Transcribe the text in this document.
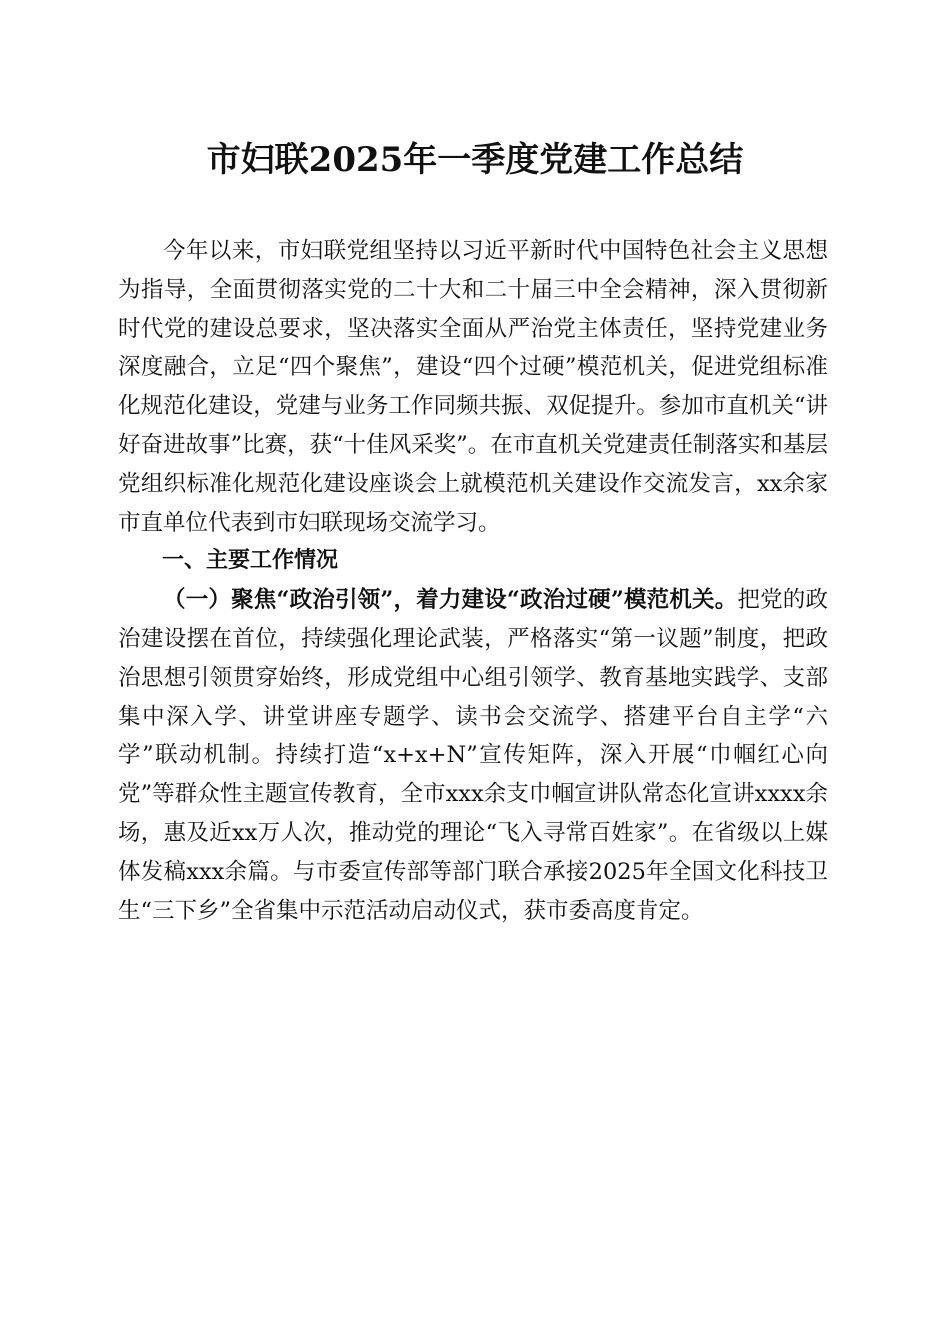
市妇联2025年一季度党建工作总结

今年以来，市妇联党组坚持以习近平新时代中国特色社会主义思想为指导，全面贯彻落实党的二十大和二十届三中全会精神，深入贯彻新时代党的建设总要求，坚决落实全面从严治党主体责任，坚持党建业务深度融合，立足“四个聚焦”，建设“四个过硬”模范机关，促进党组标准化规范化建设，党建与业务工作同频共振、双促提升。参加市直机关“讲好奋进故事”比赛，获“十佳风采奖”。在市直机关党建责任制落实和基层党组织标准化规范化建设座谈会上就模范机关建设作交流发言，xx余家市直单位代表到市妇联现场交流学习。

一、主要工作情况

（一）聚焦“政治引领”，着力建设“政治过硬”模范机关。把党的政治建设摆在首位，持续强化理论武装，严格落实“第一议题”制度，把政治思想引领贯穿始终，形成党组中心组引领学、教育基地实践学、支部集中深入学、讲堂讲座专题学、读书会交流学、搭建平台自主学“六学”联动机制。持续打造“x+x+N”宣传矩阵，深入开展“巾帼红心向党”等群众性主题宣传教育，全市xxx余支巾帼宣讲队常态化宣讲xxxx余场，惠及近xx万人次，推动党的理论“飞入寻常百姓家”。在省级以上媒体发稿xxx余篇。与市委宣传部等部门联合承接2025年全国文化科技卫生“三下乡”全省集中示范活动启动仪式，获市委高度肯定。
